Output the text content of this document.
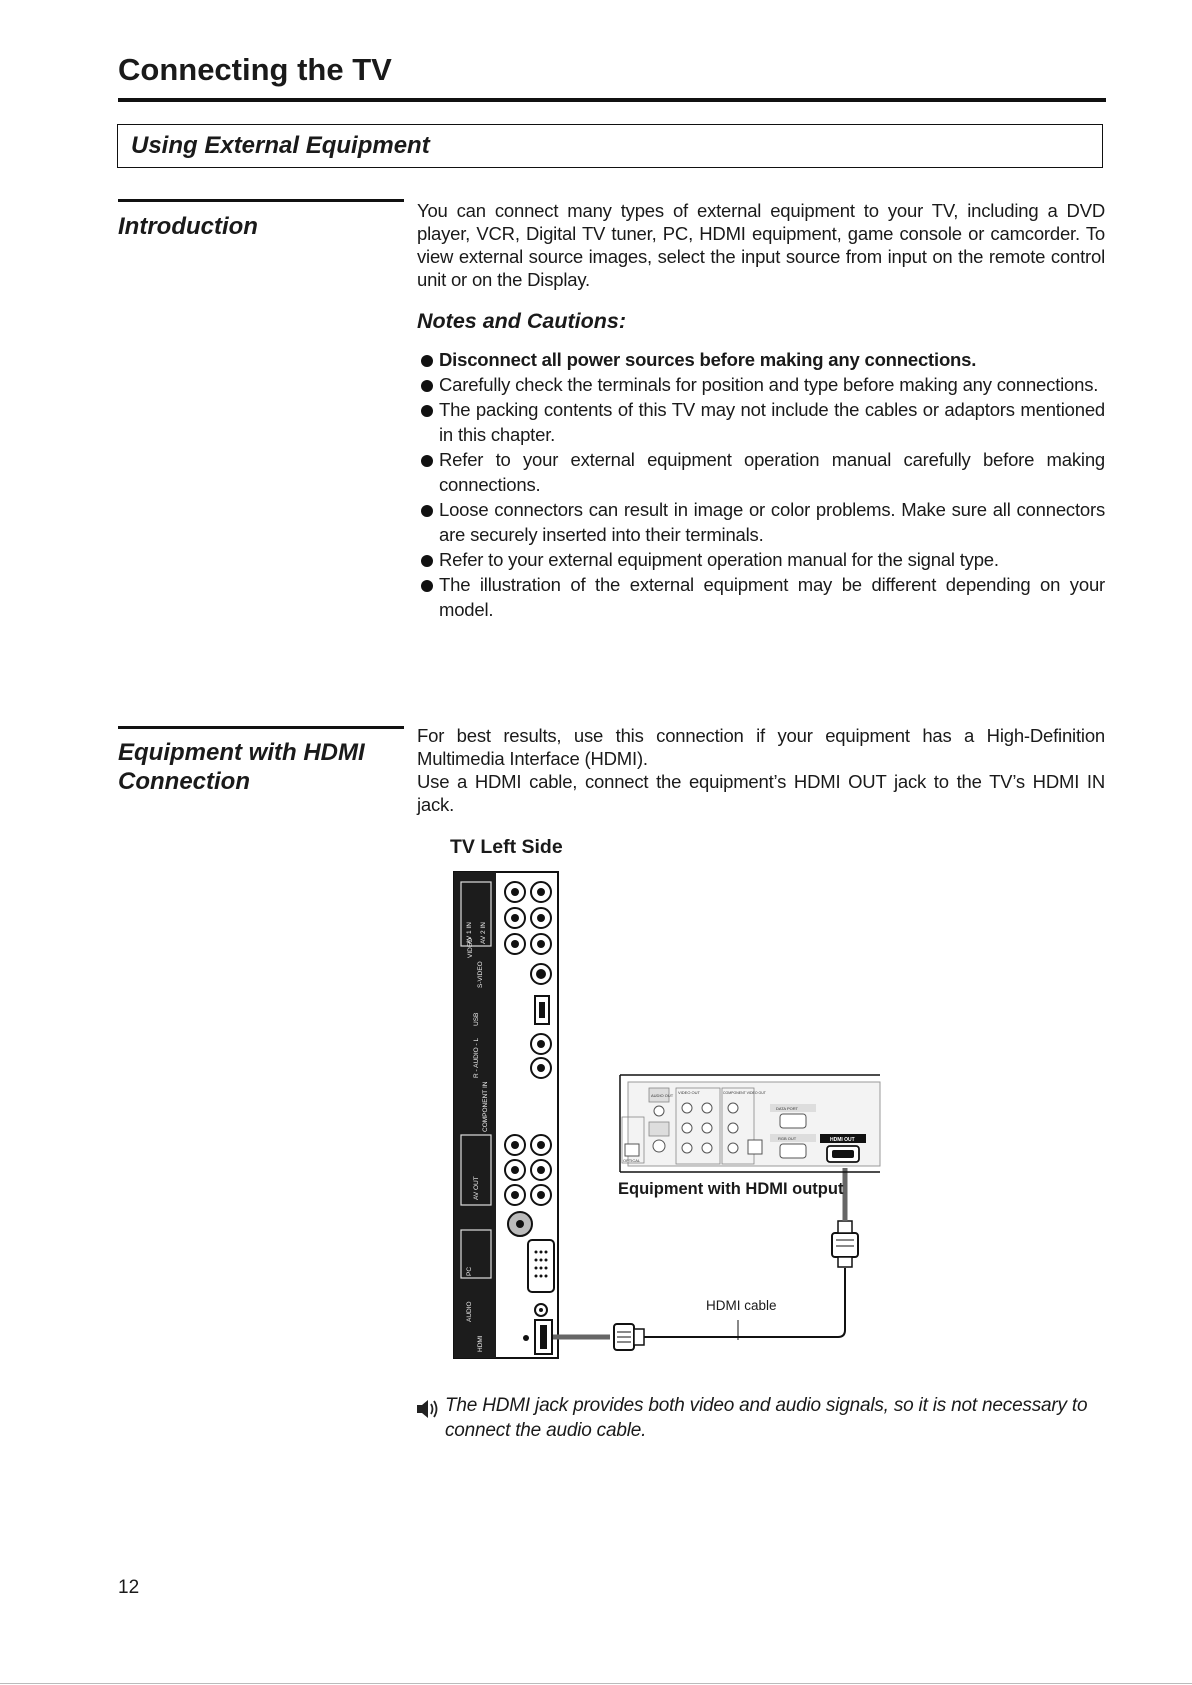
Connecting the TV
Using External Equipment
Introduction

You can connect many types of external equipment to your TV, including a DVD player, VCR, Digital TV tuner, PC, HDMI equipment, game console or camcorder. To view external source images, select the input source from input on the remote control unit or on the Display.

Notes and Cautions:
Disconnect all power sources before making any connections.
Carefully check the terminals for position and type before making any connections.
The packing contents of this TV may not include the cables or adaptors mentioned in this chapter.
Refer to your external equipment operation manual carefully before making connections.
Loose connectors can result in image or color problems. Make sure all connectors are securely inserted into their terminals.
Refer to your external equipment operation manual for the signal type.
The illustration of the external equipment may be different depending on your model.
Equipment with HDMI
Connection

For best results, use this connection if your equipment has a High-Definition Multimedia Interface (HDMI).

Use a HDMI cable, connect the equipment’s HDMI OUT jack to the TV’s HDMI IN jack.

TV Left Side
AV 1 IN AV 2 IN
S-VIDEO
VIDEO
USB
R - AUDIO - L
COMPONENT IN
AV OUT
PC
AUDIO
HDMI
AUDIO OUT
OPTICAL
VIDEO OUT	COMPONENT VIDEO OUT
DATA PORT
RGB OUT	HDMI OUT
Equipment with HDMI output
HDMI cable

The HDMI jack provides both video and audio signals, so it is not necessary to connect the audio cable.

12
